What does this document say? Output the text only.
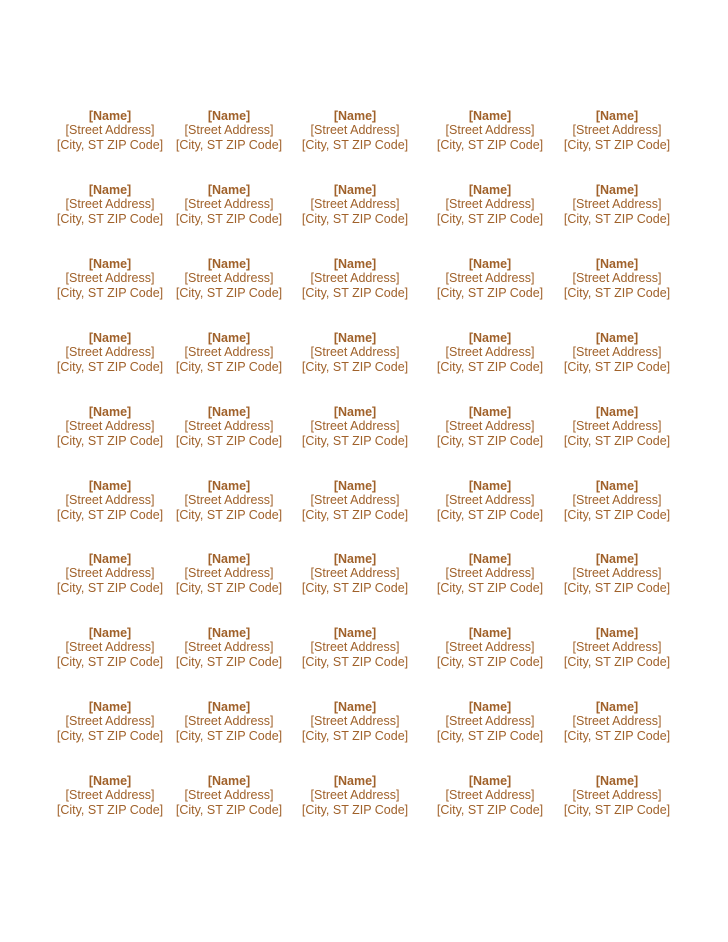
[Name]
[Street Address]
[City, ST ZIP Code]
[Name]
[Street Address]
[City, ST ZIP Code]
[Name]
[Street Address]
[City, ST ZIP Code]
[Name]
[Street Address]
[City, ST ZIP Code]
[Name]
[Street Address]
[City, ST ZIP Code]
[Name]
[Street Address]
[City, ST ZIP Code]
[Name]
[Street Address]
[City, ST ZIP Code]
[Name]
[Street Address]
[City, ST ZIP Code]
[Name]
[Street Address]
[City, ST ZIP Code]
[Name]
[Street Address]
[City, ST ZIP Code]
[Name]
[Street Address]
[City, ST ZIP Code]
[Name]
[Street Address]
[City, ST ZIP Code]
[Name]
[Street Address]
[City, ST ZIP Code]
[Name]
[Street Address]
[City, ST ZIP Code]
[Name]
[Street Address]
[City, ST ZIP Code]
[Name]
[Street Address]
[City, ST ZIP Code]
[Name]
[Street Address]
[City, ST ZIP Code]
[Name]
[Street Address]
[City, ST ZIP Code]
[Name]
[Street Address]
[City, ST ZIP Code]
[Name]
[Street Address]
[City, ST ZIP Code]
[Name]
[Street Address]
[City, ST ZIP Code]
[Name]
[Street Address]
[City, ST ZIP Code]
[Name]
[Street Address]
[City, ST ZIP Code]
[Name]
[Street Address]
[City, ST ZIP Code]
[Name]
[Street Address]
[City, ST ZIP Code]
[Name]
[Street Address]
[City, ST ZIP Code]
[Name]
[Street Address]
[City, ST ZIP Code]
[Name]
[Street Address]
[City, ST ZIP Code]
[Name]
[Street Address]
[City, ST ZIP Code]
[Name]
[Street Address]
[City, ST ZIP Code]
[Name]
[Street Address]
[City, ST ZIP Code]
[Name]
[Street Address]
[City, ST ZIP Code]
[Name]
[Street Address]
[City, ST ZIP Code]
[Name]
[Street Address]
[City, ST ZIP Code]
[Name]
[Street Address]
[City, ST ZIP Code]
[Name]
[Street Address]
[City, ST ZIP Code]
[Name]
[Street Address]
[City, ST ZIP Code]
[Name]
[Street Address]
[City, ST ZIP Code]
[Name]
[Street Address]
[City, ST ZIP Code]
[Name]
[Street Address]
[City, ST ZIP Code]
[Name]
[Street Address]
[City, ST ZIP Code]
[Name]
[Street Address]
[City, ST ZIP Code]
[Name]
[Street Address]
[City, ST ZIP Code]
[Name]
[Street Address]
[City, ST ZIP Code]
[Name]
[Street Address]
[City, ST ZIP Code]
[Name]
[Street Address]
[City, ST ZIP Code]
[Name]
[Street Address]
[City, ST ZIP Code]
[Name]
[Street Address]
[City, ST ZIP Code]
[Name]
[Street Address]
[City, ST ZIP Code]
[Name]
[Street Address]
[City, ST ZIP Code]
